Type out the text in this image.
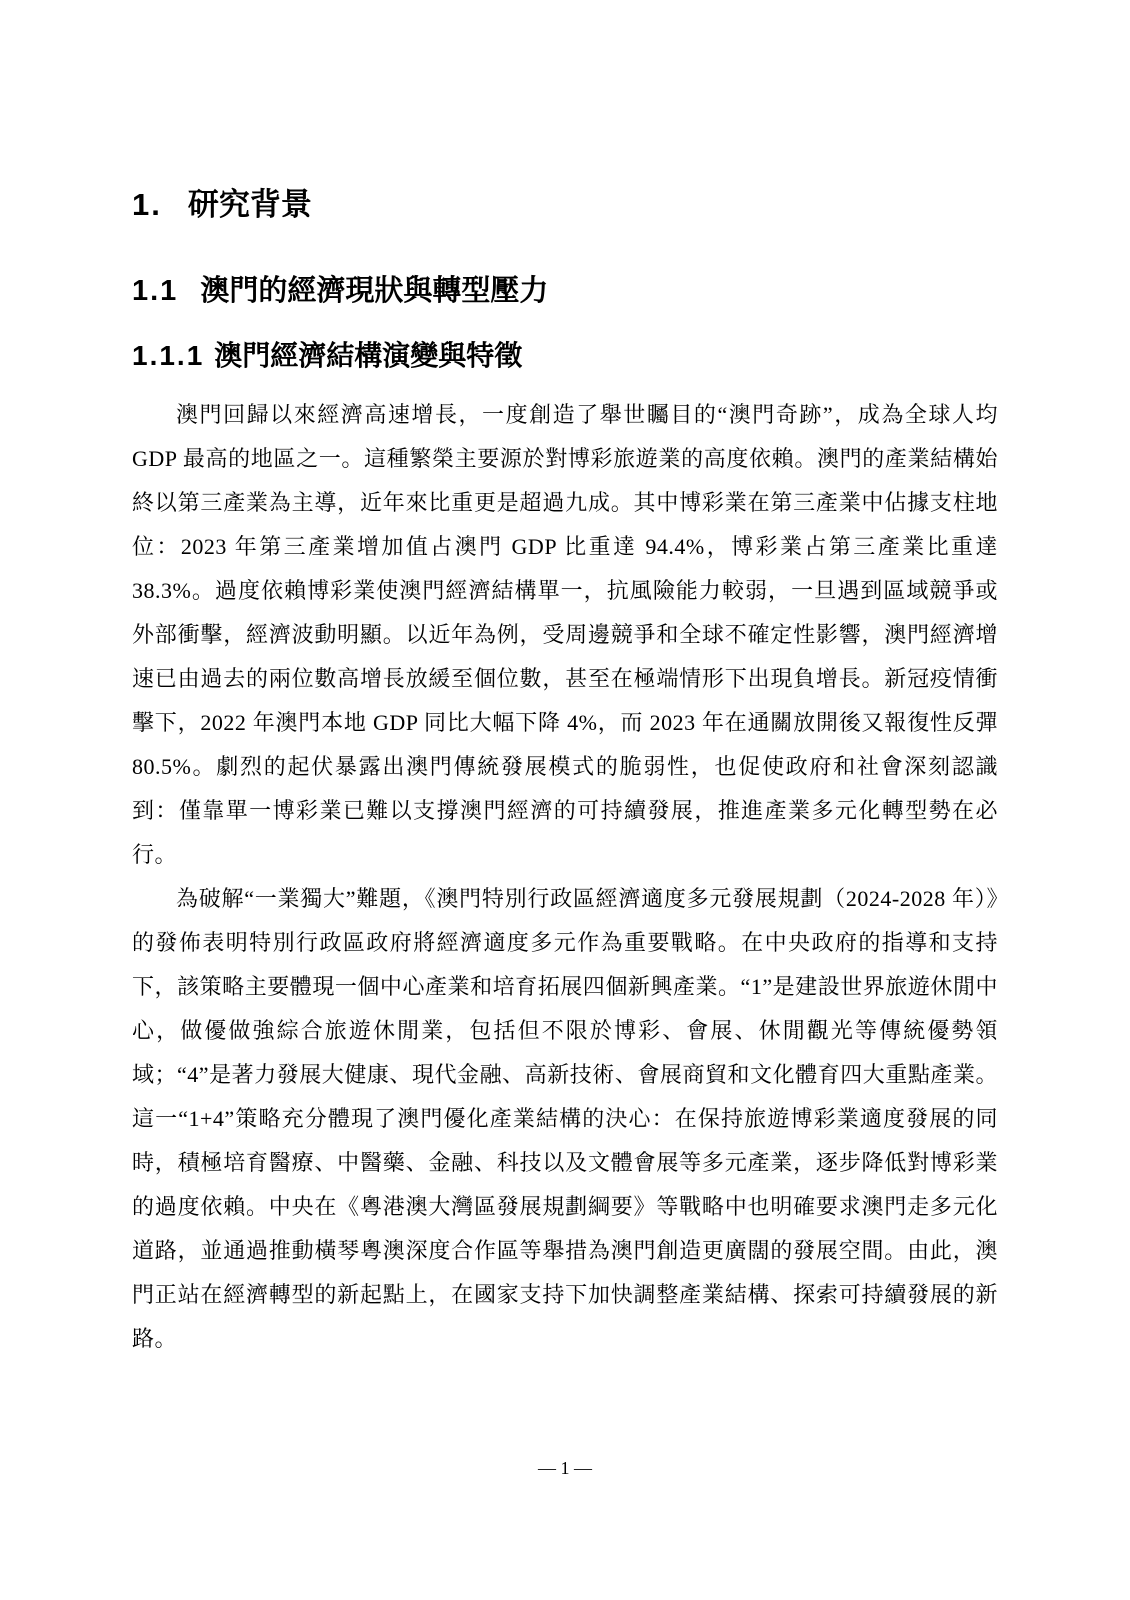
1. 研究背景
1.1 澳門的經濟現狀與轉型壓力
1.1.1 澳門經濟結構演變與特徵

澳門回歸以來經濟高速增長，一度創造了舉世矚目的“澳門奇跡”，成為全球人均 GDP 最高的地區之一。這種繁榮主要源於對博彩旅遊業的高度依賴。澳門的產業結構始終以第三產業為主導，近年來比重更是超過九成。其中博彩業在第三產業中佔據支柱地位：2023 年第三產業增加值占澳門 GDP 比重達 94.4%，博彩業占第三產業比重達 38.3%。過度依賴博彩業使澳門經濟結構單一，抗風險能力較弱，一旦遇到區域競爭或外部衝擊，經濟波動明顯。以近年為例，受周邊競爭和全球不確定性影響，澳門經濟增速已由過去的兩位數高增長放緩至個位數，甚至在極端情形下出現負增長。新冠疫情衝擊下，2022 年澳門本地 GDP 同比大幅下降 4%，而 2023 年在通關放開後又報復性反彈 80.5%。劇烈的起伏暴露出澳門傳統發展模式的脆弱性，也促使政府和社會深刻認識到：僅靠單一博彩業已難以支撐澳門經濟的可持續發展，推進產業多元化轉型勢在必行。

為破解“一業獨大”難題，《澳門特別行政區經濟適度多元發展規劃（2024-2028 年）》的發佈表明特別行政區政府將經濟適度多元作為重要戰略。在中央政府的指導和支持下，該策略主要體現一個中心產業和培育拓展四個新興產業。“1”是建設世界旅遊休閒中心，做優做強綜合旅遊休閒業，包括但不限於博彩、會展、休閒觀光等傳統優勢領域；“4”是著力發展大健康、現代金融、高新技術、會展商貿和文化體育四大重點產業。這一“1+4”策略充分體現了澳門優化產業結構的決心：在保持旅遊博彩業適度發展的同時，積極培育醫療、中醫藥、金融、科技以及文體會展等多元產業，逐步降低對博彩業的過度依賴。中央在《粵港澳大灣區發展規劃綱要》等戰略中也明確要求澳門走多元化道路，並通過推動橫琴粵澳深度合作區等舉措為澳門創造更廣闊的發展空間。由此，澳門正站在經濟轉型的新起點上，在國家支持下加快調整產業結構、探索可持續發展的新路。

— 1 —
